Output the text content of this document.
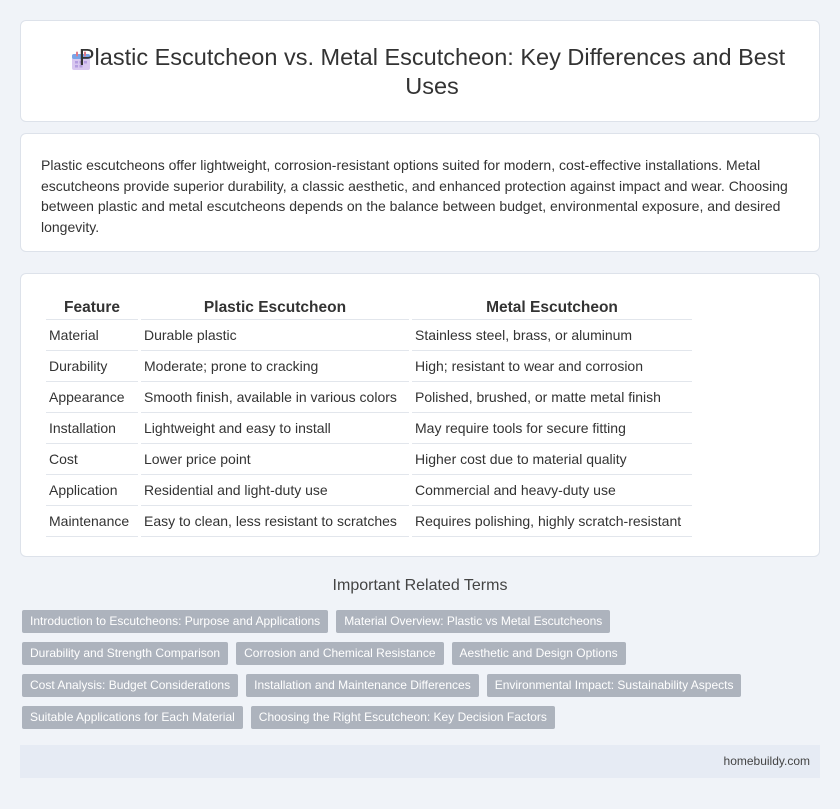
Plastic Escutcheon vs. Metal Escutcheon: Key Differences and Best Uses

Plastic escutcheons offer lightweight, corrosion-resistant options suited for modern, cost-effective installations. Metal escutcheons provide superior durability, a classic aesthetic, and enhanced protection against impact and wear. Choosing between plastic and metal escutcheons depends on the balance between budget, environmental exposure, and desired longevity.

Feature	Plastic Escutcheon	Metal Escutcheon
Material	Durable plastic	Stainless steel, brass, or aluminum
Durability	Moderate; prone to cracking	High; resistant to wear and corrosion
Appearance	Smooth finish, available in various colors	Polished, brushed, or matte metal finish
Installation	Lightweight and easy to install	May require tools for secure fitting
Cost	Lower price point	Higher cost due to material quality
Application	Residential and light-duty use	Commercial and heavy-duty use
Maintenance	Easy to clean, less resistant to scratches	Requires polishing, highly scratch-resistant
Important Related Terms
Introduction to Escutcheons: Purpose and Applications	Material Overview: Plastic vs Metal Escutcheons
Durability and Strength Comparison	Corrosion and Chemical Resistance	Aesthetic and Design Options
Cost Analysis: Budget Considerations	Installation and Maintenance Differences	Environmental Impact: Sustainability Aspects
Suitable Applications for Each Material	Choosing the Right Escutcheon: Key Decision Factors
homebuildy.com
